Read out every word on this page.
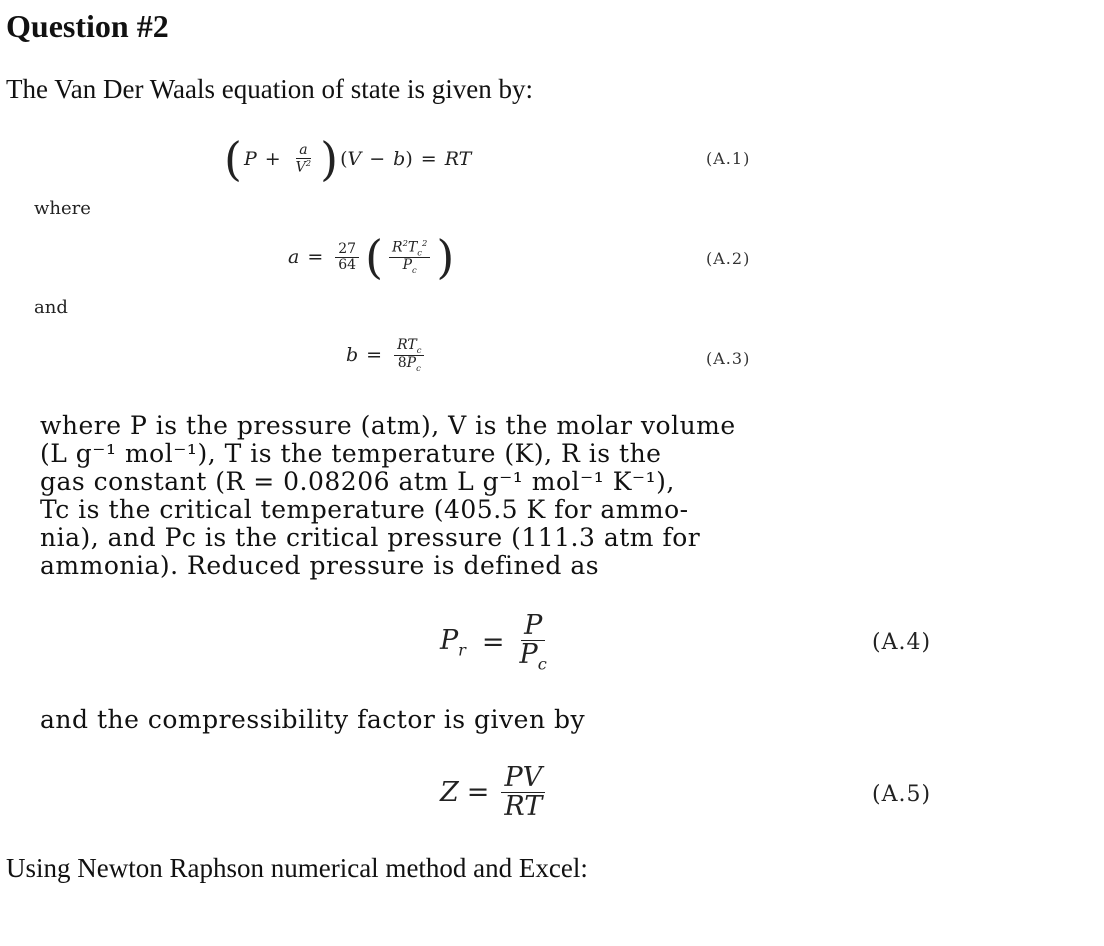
Question #2
The Van Der Waals equation of state is given by:
( $P + \frac{a}{V^2}$ ) ( V − b ) = RT	(A.1)
where
$a = \frac{27}{64}$ ( $\frac{R^2T_c^2}{P_c}$ )	(A.2)
and
$b = \frac{RT_c}{8P_c}$	(A.3)
where P is the pressure (atm), V is the molar volume
(L g⁻¹ mol⁻¹), T is the temperature (K), R is the
gas constant (R = 0.08206 atm L g⁻¹ mol⁻¹ K⁻¹),
Tc is the critical temperature (405.5 K for ammo-
nia), and Pc is the critical pressure (111.3 atm for
ammonia). Reduced pressure is defined as
$P_r = \frac{P}{P_c}$	(A.4)
and the compressibility factor is given by
$Z = \frac{PV}{RT}$	(A.5)
Using Newton Raphson numerical method and Excel:
